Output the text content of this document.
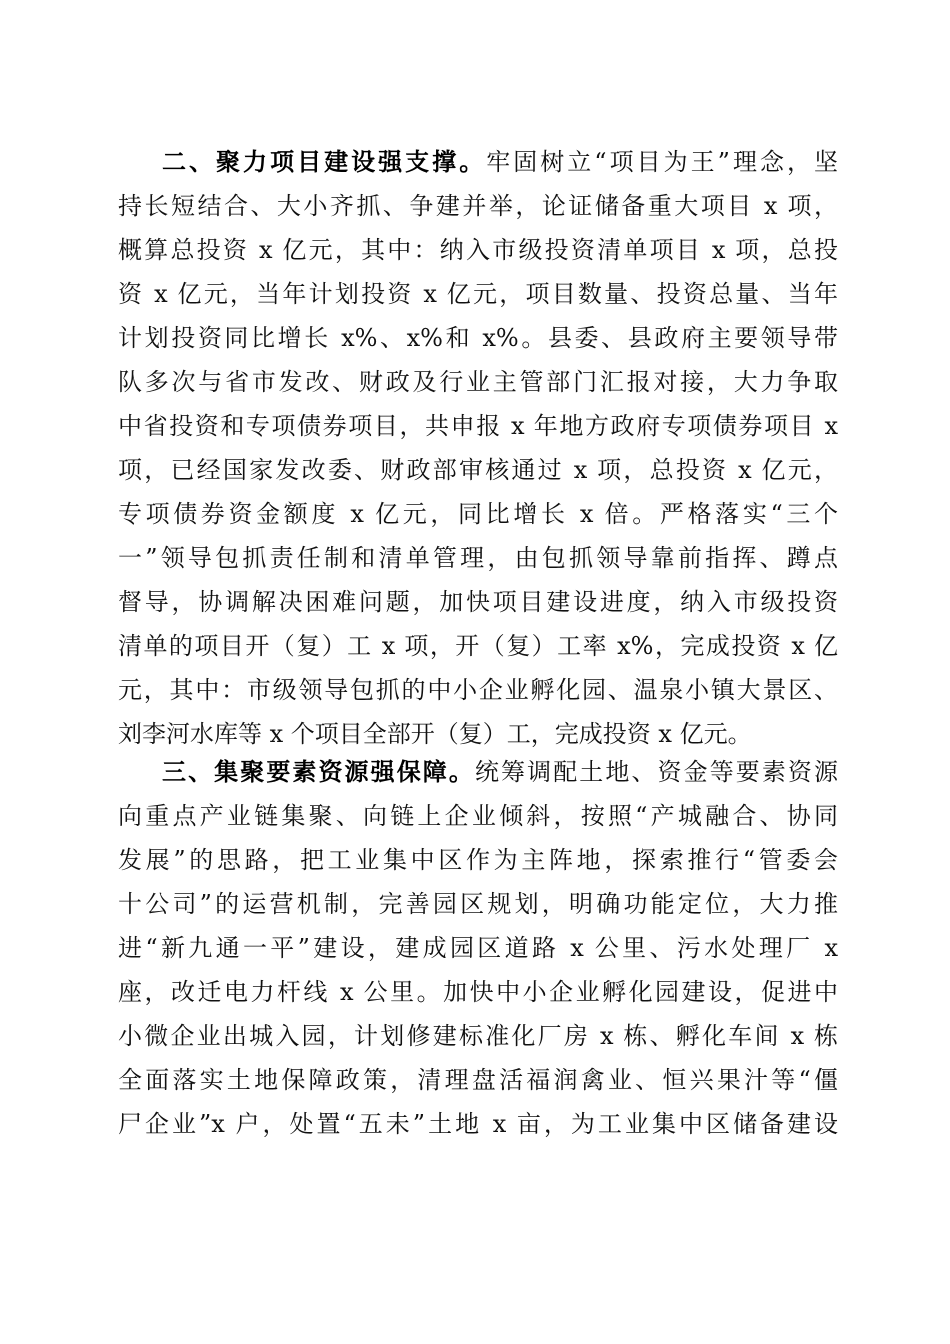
二、聚力项目建设强支撑。牢固树立“项目为王”理念，坚
持长短结合、大小齐抓、争建并举，论证储备重大项目 x 项，
概算总投资 x 亿元，其中：纳入市级投资清单项目 x 项，总投
资 x 亿元，当年计划投资 x 亿元，项目数量、投资总量、当年
计划投资同比增长 x%、x%和 x%。县委、县政府主要领导带
队多次与省市发改、财政及行业主管部门汇报对接，大力争取
中省投资和专项债券项目，共申报 x 年地方政府专项债券项目 x
项，已经国家发改委、财政部审核通过 x 项，总投资 x 亿元，
专项债券资金额度 x 亿元，同比增长 x 倍。严格落实“三个
一”领导包抓责任制和清单管理，由包抓领导靠前指挥、蹲点
督导，协调解决困难问题，加快项目建设进度，纳入市级投资
清单的项目开（复）工 x 项，开（复）工率 x%，完成投资 x 亿
元，其中：市级领导包抓的中小企业孵化园、温泉小镇大景区、
刘李河水库等 x 个项目全部开（复）工，完成投资 x 亿元。
三、集聚要素资源强保障。统筹调配土地、资金等要素资源
向重点产业链集聚、向链上企业倾斜，按照“产城融合、协同
发展”的思路，把工业集中区作为主阵地，探索推行“管委会
十公司”的运营机制，完善园区规划，明确功能定位，大力推
进“新九通一平”建设，建成园区道路 x 公里、污水处理厂 x
座，改迁电力杆线 x 公里。加快中小企业孵化园建设，促进中
小微企业出城入园，计划修建标准化厂房 x 栋、孵化车间 x 栋
全面落实土地保障政策，清理盘活福润禽业、恒兴果汁等“僵
尸企业”x 户，处置“五未”土地 x 亩，为工业集中区储备建设
